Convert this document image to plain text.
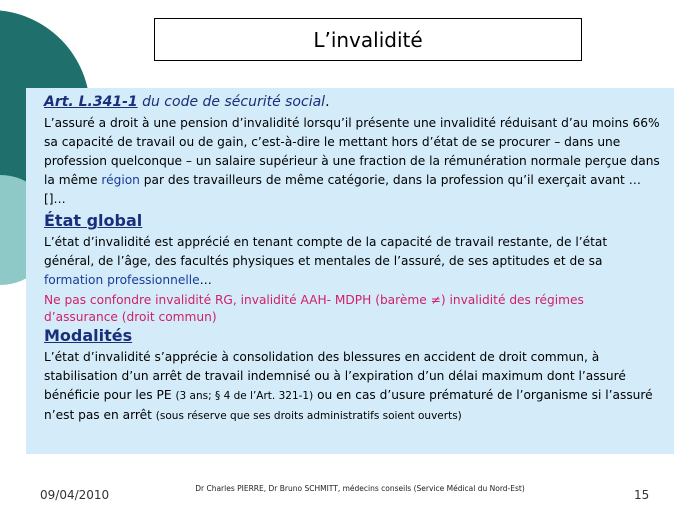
L’invalidité
Art. L.341-1 du code de sécurité social.
L’assuré a droit à une pension d’invalidité lorsqu’il présente une invalidité réduisant d’au moins 66% sa capacité de travail ou de gain, c’est-à-dire le mettant hors d’état de se procurer – dans une profession quelconque – un salaire supérieur à une fraction de la rémunération normale perçue dans la même région par des travailleurs de même catégorie, dans la profession qu’il exerçait avant …[]…
État global
L’état d’invalidité est apprécié en tenant compte de la capacité de travail restante, de l’état général, de l’âge, des facultés physiques et mentales de l’assuré, de ses aptitudes et de sa formation professionnelle…
Ne pas confondre invalidité RG, invalidité AAH- MDPH (barème ≠) invalidité des régimes d’assurance (droit commun)
Modalités
L’état d’invalidité s’apprécie à consolidation des blessures en accident de droit commun, à stabilisation d’un arrêt de travail indemnisé ou à l’expiration d’un délai maximum dont l’assuré bénéficie pour les PE (3 ans; § 4 de l’Art. 321-1) ou en cas d’usure prématuré de l’organisme si l’assuré n’est pas en arrêt (sous réserve que ses droits administratifs soient ouverts)
09/04/2010	Dr Charles PIERRE, Dr Bruno SCHMITT, médecins conseils (Service Médical du Nord-Est)	15
